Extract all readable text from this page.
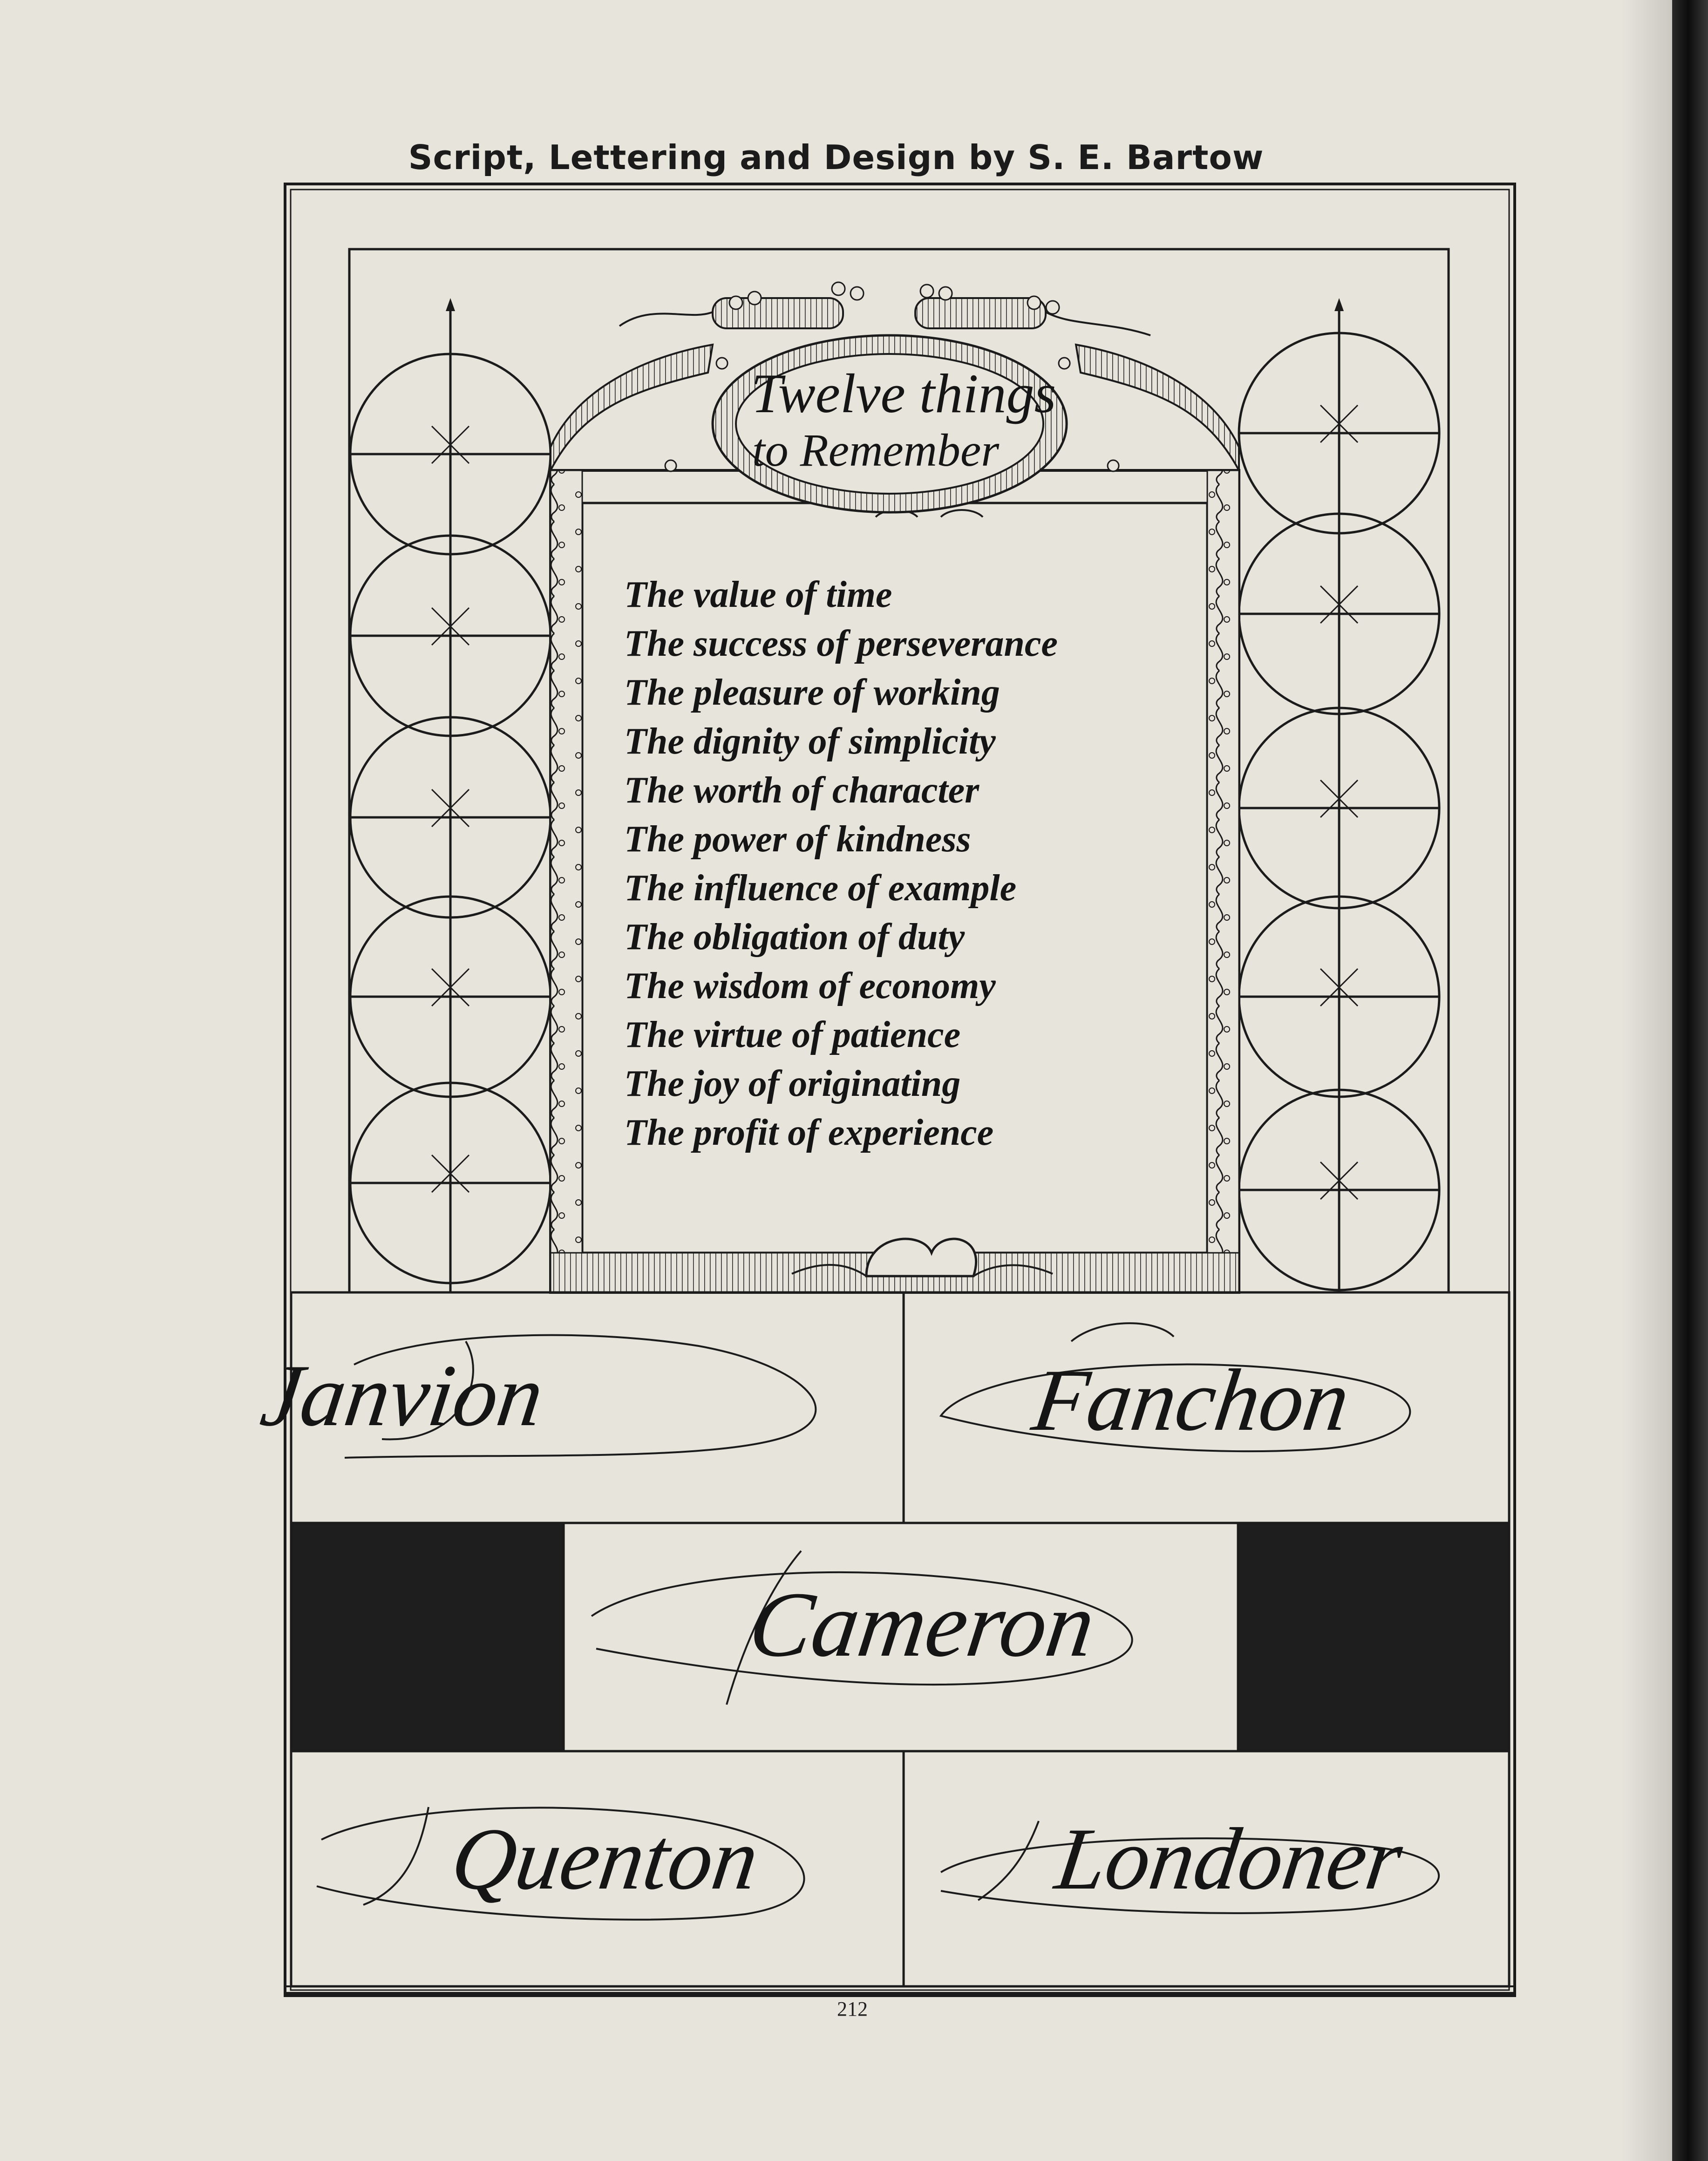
Script, Lettering and Design by S. E. Bartow
Twelve things
to Remember
Janvion	Fanchon
Cameron
Quenton	Londoner
The value of time
The success of perseverance
The pleasure of working
The dignity of simplicity
The worth of character
The power of kindness
The influence of example
The obligation of duty
The wisdom of economy
The virtue of patience
The joy of originating
The profit of experience
212
